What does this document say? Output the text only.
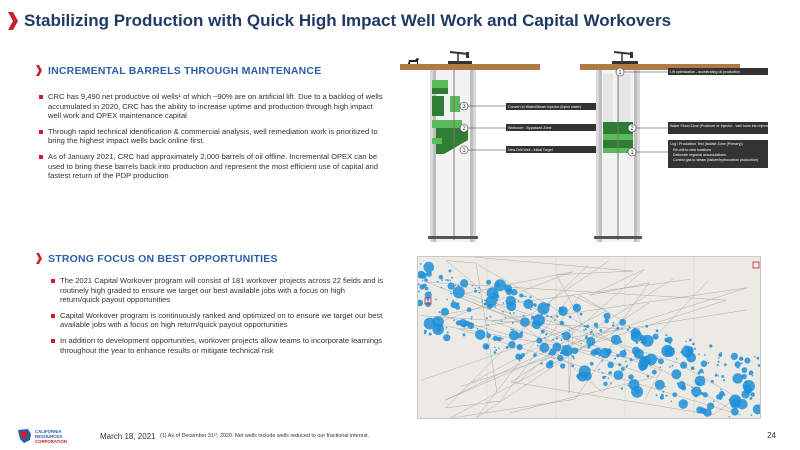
Stabilizing Production with Quick High Impact Well Work and Capital Workovers
INCREMENTAL BARRELS THROUGH MAINTENANCE
CRC has 9,490 net productive oil wells¹ of which ~90% are on artificial lift. Due to a backlog of wells accumulated in 2020, CRC has the ability to increase uptime and production through high impact well work and OPEX maintenance capital
Through rapid technical identification & commercial analysis, well remediation work is prioritized to bring the highest impact wells back online first.
As of January 2021, CRC had approximately 2,000 barrels of oil offline. Incremental OPEX can be used to bring these barrels back into production and represent the most efficient use of capital and fastest return of the PDP production
STRONG FOCUS ON BEST OPPORTUNITIES
The 2021 Capital Workover program will consist of 181 workover projects across 22 fields and is routinely high graded to ensure we target our best available jobs with a focus on high return/quick payout opportunities
Capital Workover program is continuously ranked and optimized on to ensure we target our best available jobs with a focus on high return/quick payout opportunities
In addition to development opportunities, workover projects allow teams to incorporate learnings throughout the year to enhance results or mitigate technical risk
3	Convert to Water/Steam Injector (Inject water)
2	Workover - Bypassed Zone
1	New Drill Well - Initial Target
1	Lift optimization - accelerating oil production
2	Water Flood Zone (Producer or Injector - well turns into injector)
1
Log / Production Test (Isolate Zone (Primary))
Re-drill to new locations
Delineate regional accumulations
Control gas to steam (failure/hydrocarbon production)
CALIFORNIA
RESOURCES
CORPORATION
March 18, 2021 (1) As of December 31ˢᵗ, 2020. Net wells include wells reduced to our fractional interest.	24
